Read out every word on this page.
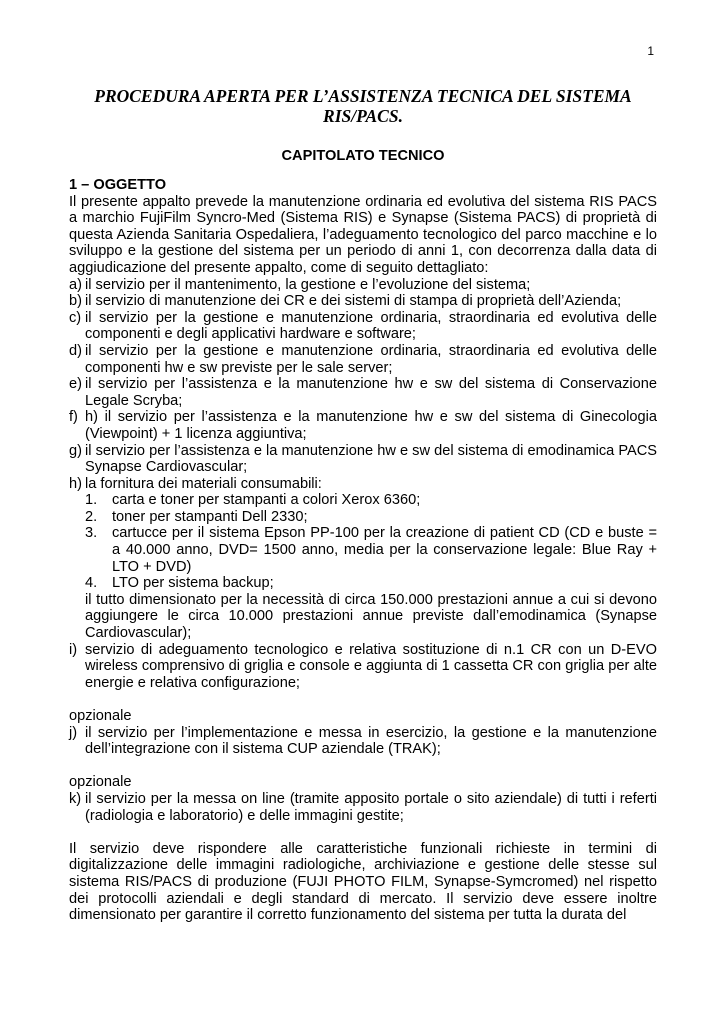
1
PROCEDURA APERTA PER L’ASSISTENZA TECNICA DEL SISTEMA RIS/PACS.
CAPITOLATO TECNICO
1 – OGGETTO
Il presente appalto prevede la manutenzione ordinaria ed evolutiva del sistema RIS PACS a marchio FujiFilm Syncro-Med (Sistema RIS) e Synapse (Sistema PACS) di proprietà di questa Azienda Sanitaria Ospedaliera, l’adeguamento tecnologico del parco macchine e lo sviluppo e la gestione del sistema per un periodo di anni 1, con decorrenza dalla data di aggiudicazione del presente appalto, come di seguito dettagliato:
a) il servizio per il mantenimento, la gestione e l’evoluzione del sistema;
b) il servizio di manutenzione dei CR e dei sistemi di stampa di proprietà dell’Azienda;
c) il servizio per la gestione e manutenzione ordinaria, straordinaria ed evolutiva delle componenti e degli applicativi hardware e software;
d) il servizio per la gestione e manutenzione ordinaria, straordinaria ed evolutiva delle componenti hw e sw previste per le sale server;
e) il servizio per l’assistenza e la manutenzione hw e sw del sistema di Conservazione Legale Scryba;
f) h) il servizio per l’assistenza e la manutenzione hw e sw del sistema di Ginecologia (Viewpoint) + 1 licenza aggiuntiva;
g) il servizio per l’assistenza e la manutenzione hw e sw del sistema di emodinamica PACS Synapse Cardiovascular;
h) la fornitura dei materiali consumabili:
1.	carta e toner per stampanti a colori Xerox 6360;
2.	toner per stampanti Dell 2330;
3.	cartucce per il sistema Epson PP-100 per la creazione di patient CD (CD e buste = a 40.000 anno, DVD= 1500 anno, media per la conservazione legale: Blue Ray + LTO + DVD)
4.	LTO per sistema backup;
il tutto dimensionato per la necessità di circa 150.000 prestazioni annue a cui si devono aggiungere le circa 10.000 prestazioni annue previste dall’emodinamica (Synapse Cardiovascular);
i) servizio di adeguamento tecnologico e relativa sostituzione di n.1 CR con un D-EVO wireless comprensivo di griglia e console e aggiunta di 1 cassetta CR con griglia per alte energie e relativa configurazione;
opzionale
j) il servizio per l’implementazione e messa in esercizio, la gestione e la manutenzione dell’integrazione con il sistema CUP aziendale (TRAK);
opzionale
k) il servizio per la messa on line (tramite apposito portale o sito aziendale) di tutti i referti (radiologia e laboratorio) e delle immagini gestite;
Il servizio deve rispondere alle caratteristiche funzionali richieste in termini di digitalizzazione delle immagini radiologiche, archiviazione e gestione delle stesse sul sistema RIS/PACS di produzione (FUJI PHOTO FILM, Synapse-Symcromed) nel rispetto dei protocolli aziendali e degli standard di mercato. Il servizio deve essere inoltre dimensionato per garantire il corretto funzionamento del sistema per tutta la durata del
